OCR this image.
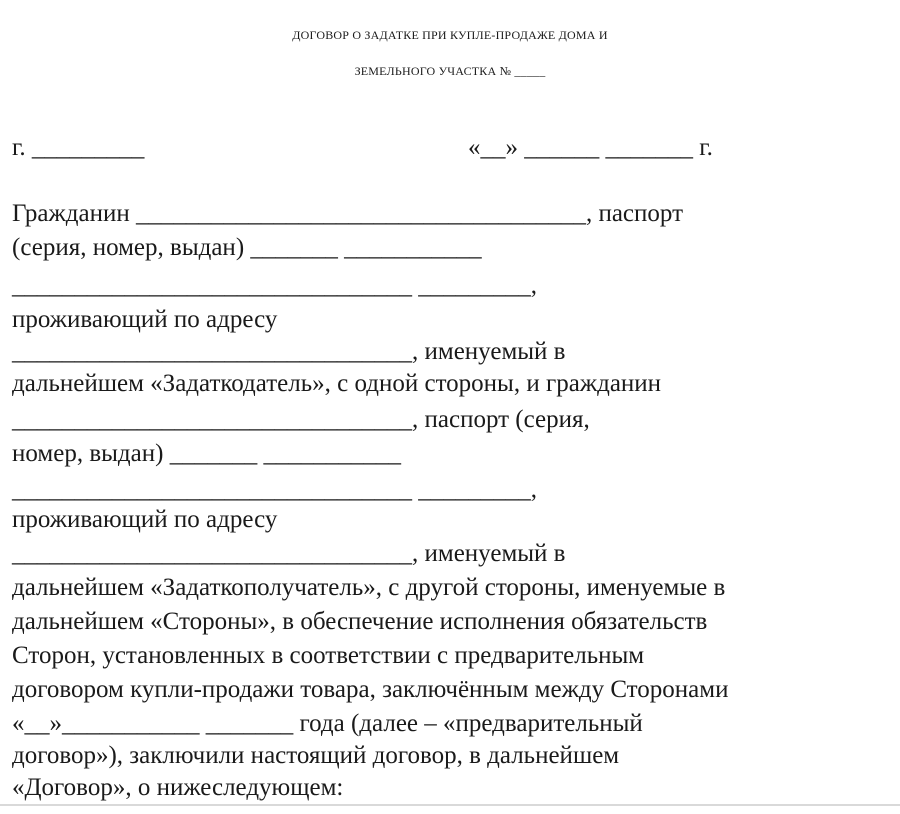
ДОГОВОР О ЗАДАТКЕ ПРИ КУПЛЕ-ПРОДАЖЕ ДОМА И
ЗЕМЕЛЬНОГО УЧАСТКА № _____
г. _________	«__» ______ _______ г.
Гражданин ____________________________________, паспорт
(серия, номер, выдан) _______ ___________
________________________________ _________,
проживающий по адресу
________________________________, именуемый в
дальнейшем «Задаткодатель», с одной стороны, и гражданин
________________________________, паспорт (серия,
номер, выдан) _______ ___________
________________________________ _________,
проживающий по адресу
________________________________, именуемый в
дальнейшем «Задаткополучатель», с другой стороны, именуемые в
дальнейшем «Стороны», в обеспечение исполнения обязательств
Сторон, установленных в соответствии с предварительным
договором купли-продажи товара, заключённым между Сторонами
«__»___________ _______ года (далее – «предварительный
договор»), заключили настоящий договор, в дальнейшем
«Договор», о нижеследующем:
